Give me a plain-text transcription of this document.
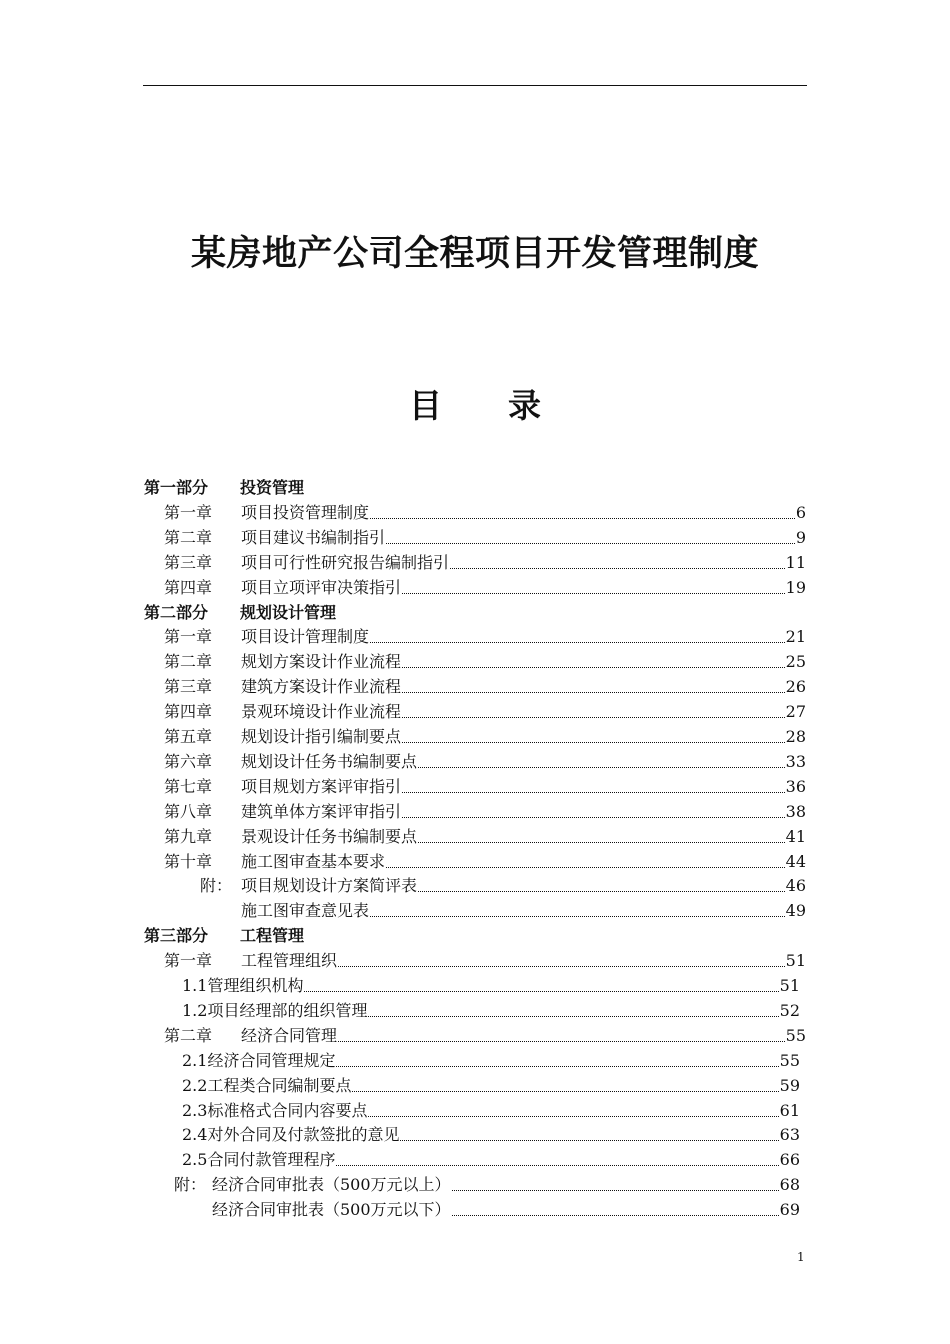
某房地产公司全程项目开发管理制度
目　　录
第一部分	投资管理
第一章	项目投资管理制度	6
第二章	项目建议书编制指引	9
第三章	项目可行性研究报告编制指引	11
第四章	项目立项评审决策指引	19
第二部分	规划设计管理
第一章	项目设计管理制度	21
第二章	规划方案设计作业流程	25
第三章	建筑方案设计作业流程	26
第四章	景观环境设计作业流程	27
第五章	规划设计指引编制要点	28
第六章	规划设计任务书编制要点	33
第七章	项目规划方案评审指引	36
第八章	建筑单体方案评审指引	38
第九章	景观设计任务书编制要点	41
第十章	施工图审查基本要求	44
附： 项目规划设计方案简评表	46
施工图审查意见表	49
第三部分	工程管理
第一章	工程管理组织	51
1.1管理组织机构	51
1.2项目经理部的组织管理	52
第二章	经济合同管理	55
2.1经济合同管理规定	55
2.2工程类合同编制要点	59
2.3标准格式合同内容要点	61
2.4对外合同及付款签批的意见	63
2.5合同付款管理程序	66
附： 经济合同审批表（500万元以上）	68
经济合同审批表（500万元以下）	69
1
